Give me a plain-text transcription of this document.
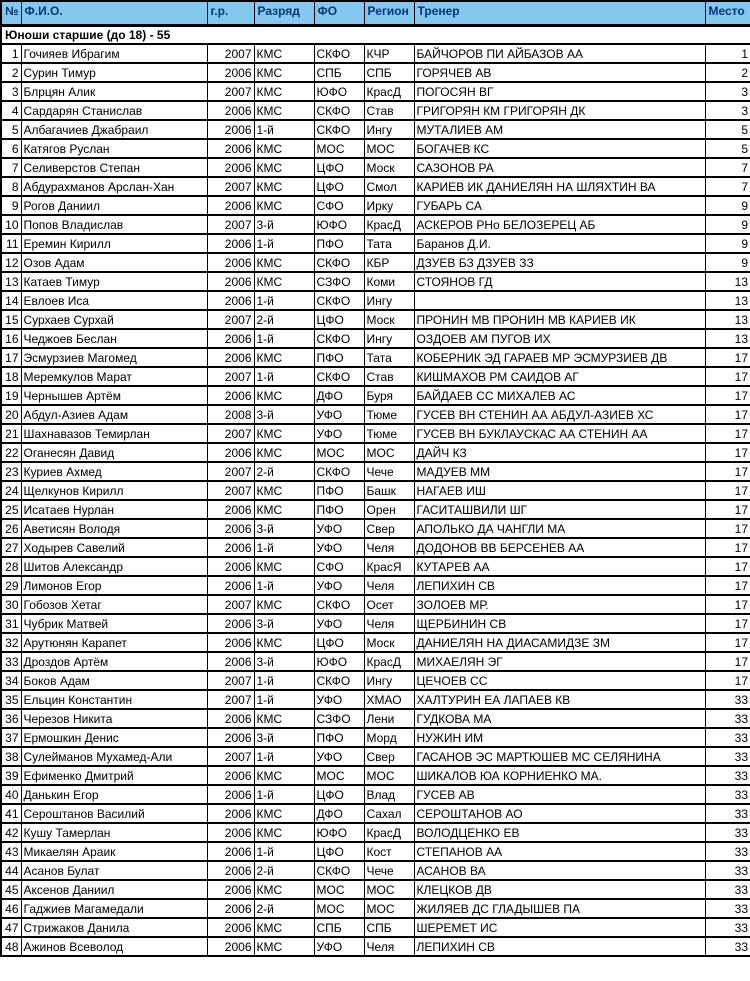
№	Ф.И.О.	г.р.	Разряд	ФО	Регион	Тренер	Место
Юноши старшие (до 18) - 55							
1	Гочияев Ибрагим	2007	КМС	СКФО	КЧР	БАЙЧОРОВ ПИ АЙБАЗОВ АА	1
2	Сурин Тимур	2006	КМС	СПБ	СПБ	ГОРЯЧЕВ АВ	2
3	Блрцян Алик	2007	КМС	ЮФО	КрасД	ПОГОСЯН ВГ	3
4	Сардарян Станислав	2006	КМС	СКФО	Став	ГРИГОРЯН КМ ГРИГОРЯН ДК	3
5	Албагачиев Джабраил	2006	1-й	СКФО	Ингу	МУТАЛИЕВ АМ	5
6	Катягов Руслан	2006	КМС	МОС	МОС	БОГАЧЕВ КС	5
7	Селиверстов Степан	2006	КМС	ЦФО	Моск	САЗОНОВ РА	7
8	Абдурахманов Арслан-Хан	2007	КМС	ЦФО	Смол	КАРИЕВ ИК ДАНИЕЛЯН НА ШЛЯХТИН ВА	7
9	Рогов Даниил	2006	КМС	СФО	Ирку	ГУБАРЬ СА	9
10	Попов Владислав	2007	3-й	ЮФО	КрасД	АСКЕРОВ РНо БЕЛОЗЕРЕЦ АБ	9
11	Еремин Кирилл	2006	1-й	ПФО	Тата	Баранов Д.И.	9
12	Озов Адам	2006	КМС	СКФО	КБР	ДЗУЕВ БЗ ДЗУЕВ ЗЗ	9
13	Катаев Тимур	2006	КМС	СЗФО	Коми	СТОЯНОВ ГД	13
14	Евлоев Иса	2006	1-й	СКФО	Ингу		13
15	Сурхаев Сурхай	2007	2-й	ЦФО	Моск	ПРОНИН МВ ПРОНИН МВ КАРИЕВ ИК	13
16	Чеджоев Беслан	2006	1-й	СКФО	Ингу	ОЗДОЕВ АМ ПУГОВ ИХ	13
17	Эсмурзиев Магомед	2006	КМС	ПФО	Тата	КОБЕРНИК ЭД ГАРАЕВ МР ЭСМУРЗИЕВ ДВ	17
18	Меремкулов Марат	2007	1-й	СКФО	Став	КИШМАХОВ РМ САИДОВ АГ	17
19	Чернышев Артём	2006	КМС	ДФО	Буря	БАЙДАЕВ СС МИХАЛЕВ АС	17
20	Абдул-Азиев Адам	2008	3-й	УФО	Тюме	ГУСЕВ ВН СТЕНИН АА АБДУЛ-АЗИЕВ ХС	17
21	Шахнавазов Темирлан	2007	КМС	УФО	Тюме	ГУСЕВ ВН БУКЛАУСКАС АА СТЕНИН АА	17
22	Оганесян Давид	2006	КМС	МОС	МОС	ДАЙЧ КЗ	17
23	Куриев Ахмед	2007	2-й	СКФО	Чече	МАДУЕВ ММ	17
24	Щелкунов Кирилл	2007	КМС	ПФО	Башк	НАГАЕВ ИШ	17
25	Исатаев Нурлан	2006	КМС	ПФО	Орен	ГАСИТАШВИЛИ ШГ	17
26	Аветисян Володя	2006	3-й	УФО	Свер	АПОЛЬКО ДА ЧАНГЛИ МА	17
27	Ходырев Савелий	2006	1-й	УФО	Челя	ДОДОНОВ ВВ БЕРСЕНЕВ АА	17
28	Шитов Александр	2006	КМС	СФО	КрасЯ	КУТАРЕВ АА	17
29	Лимонов Егор	2006	1-й	УФО	Челя	ЛЕПИХИН СВ	17
30	Гобозов Хетаг	2007	КМС	СКФО	Осет	ЗОЛОЕВ МР.	17
31	Чубрик Матвей	2006	3-й	УФО	Челя	ЩЕРБИНИН СВ	17
32	Арутюнян Карапет	2006	КМС	ЦФО	Моск	ДАНИЕЛЯН НА ДИАСАМИДЗЕ ЗМ	17
33	Дроздов Артём	2006	3-й	ЮФО	КрасД	МИХАЕЛЯН ЭГ	17
34	Боков Адам	2007	1-й	СКФО	Ингу	ЦЕЧОЕВ СС	17
35	Ельцин Константин	2007	1-й	УФО	ХМАО	ХАЛТУРИН ЕА ЛАПАЕВ КВ	33
36	Черезов Никита	2006	КМС	СЗФО	Лени	ГУДКОВА МА	33
37	Ермошкин Денис	2006	3-й	ПФО	Морд	НУЖИН ИМ	33
38	Сулейманов Мухамед-Али	2007	1-й	УФО	Свер	ГАСАНОВ ЭС МАРТЮШЕВ МС СЕЛЯНИНА	33
39	Ефименко Дмитрий	2006	КМС	МОС	МОС	ШИКАЛОВ ЮА КОРНИЕНКО МА.	33
40	Данькин Егор	2006	1-й	ЦФО	Влад	ГУСЕВ АВ	33
41	Сероштанов Василий	2006	КМС	ДФО	Сахал	СЕРОШТАНОВ АО	33
42	Кушу Тамерлан	2006	КМС	ЮФО	КрасД	ВОЛОДЦЕНКО ЕВ	33
43	Микаелян Араик	2006	1-й	ЦФО	Кост	СТЕПАНОВ АА	33
44	Асанов Булат	2006	2-й	СКФО	Чече	АСАНОВ ВА	33
45	Аксенов Даниил	2006	КМС	МОС	МОС	КЛЕЦКОВ ДВ	33
46	Гаджиев Магамедали	2006	2-й	МОС	МОС	ЖИЛЯЕВ ДС ГЛАДЫШЕВ ПА	33
47	Стрижаков Данила	2006	КМС	СПБ	СПБ	ШЕРЕМЕТ ИС	33
48	Ажинов Всеволод	2006	КМС	УФО	Челя	ЛЕПИХИН СВ	33
